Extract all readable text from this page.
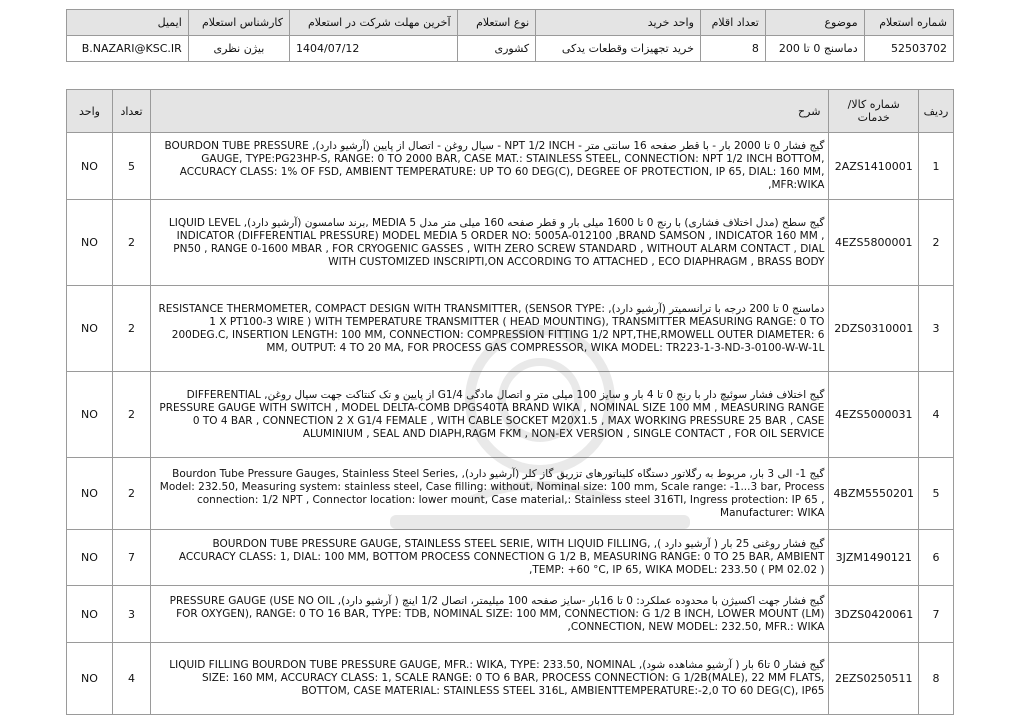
شماره استعلام	موضوع	تعداد اقلام	واحد خرید	نوع استعلام	آخرین مهلت شرکت در استعلام	کارشناس استعلام	ایمیل
52503702	دماسنج 0 تا 200	8	خرید تجهیزات وقطعات یدکی	کشوری	1404/07/12	بیژن نظری	B.NAZARI@KSC.IR
ردیف	شماره کالا/خدمات	شرح	تعداد	واحد
1	2AZS1410001	گیج فشار 0 تا 2000 بار - با قطر صفحه 16 سانتی متر - NPT 1/2 INCH - سیال روغن - اتصال از پایین (آرشیو دارد), BOURDON TUBE PRESSURE GAUGE, TYPE:PG23HP-S, RANGE: 0 TO 2000 BAR, CASE MAT.: STAINLESS STEEL, CONNECTION: NPT 1/2 INCH BOTTOM, ACCURACY CLASS: 1% OF FSD, AMBIENT TEMPERATURE: UP TO 60 DEG(C), DEGREE OF PROTECTION, IP 65, DIAL: 160 MM, MFR:WIKA,	5	NO
2	4EZS5800001	گیج سطح (مدل اختلاف فشاری) با رنج 0 تا 1600 میلی بار و قطر صفحه 160 میلی متر مدل MEDIA 5 ,برند سامسون (آرشیو دارد), LIQUID LEVEL INDICATOR (DIFFERENTIAL PRESSURE) MODEL MEDIA 5 ORDER NO: 5005A-012100 ,BRAND SAMSON , INDICATOR 160 MM , PN50 , RANGE 0-1600 MBAR , FOR CRYOGENIC GASSES , WITH ZERO SCREW STANDARD , WITHOUT ALARM CONTACT , DIAL WITH CUSTOMIZED INSCRIPTI,ON ACCORDING TO ATTACHED , ECO DIAPHRAGM , BRASS BODY	2	NO
3	2DZS0310001	دماسنج 0 تا 200 درجه با ترانسمیتر (آرشیو دارد), RESISTANCE THERMOMETER, COMPACT DESIGN WITH TRANSMITTER, (SENSOR TYPE: 1 X PT100-3 WIRE ) WITH TEMPERATURE TRANSMITTER ( HEAD MOUNTING), TRANSMITTER MEASURING RANGE: 0 TO 200DEG.C, INSERTION LENGTH: 100 MM, CONNECTION: COMPRESSION FITTING 1/2 NPT,THE,RMOWELL OUTER DIAMETER: 6 MM, OUTPUT: 4 TO 20 MA, FOR PROCESS GAS COMPRESSOR, WIKA MODEL: TR223-1-3-ND-3-0100-W-W-1L	2	NO
4	4EZS5000031	گیج اختلاف فشار سوئیچ دار با رنج 0 تا 4 بار و سایز 100 میلی متر و اتصال مادگی G1/4 از پایین و تک کنتاکت جهت سیال روغن, DIFFERENTIAL PRESSURE GAUGE WITH SWITCH , MODEL DELTA-COMB DPGS40TA BRAND WIKA , NOMINAL SIZE 100 MM , MEASURING RANGE 0 TO 4 BAR , CONNECTION 2 X G1/4 FEMALE , WITH CABLE SOCKET M20X1.5 , MAX WORKING PRESSURE 25 BAR , CASE ALUMINIUM , SEAL AND DIAPH,RAGM FKM , NON-EX VERSION , SINGLE CONTACT , FOR OIL SERVICE	2	NO
5	4BZM5550201	گیج 1- الی 3 بار, مربوط به رگلاتور دستگاه کلیناتورهای تزریق گاز کلر (آرشیو دارد), Bourdon Tube Pressure Gauges, Stainless Steel Series, Model: 232.50, Measuring system: stainless steel, Case filling: without, Nominal size: 100 mm, Scale range: -1...3 bar, Process connection: 1/2 NPT , Connector location: lower mount, Case material,: Stainless steel 316TI, Ingress protection: IP 65 , Manufacturer: WIKA	2	NO
6	3JZM1490121	گیج فشار روغنی 25 بار ( آرشیو دارد ), BOURDON TUBE PRESSURE GAUGE, STAINLESS STEEL SERIE, WITH LIQUID FILLING, ACCURACY CLASS: 1, DIAL: 100 MM, BOTTOM PROCESS CONNECTION G 1/2 B, MEASURING RANGE: 0 TO 25 BAR, AMBIENT TEMP: +60 °C, IP 65, WIKA MODEL: 233.50 ( PM 02.02 ),	7	NO
7	3DZS0420061	گیج فشار جهت اکسیژن با محدوده عملکرد: 0 تا 16بار -سایز صفحه 100 میلیمتر، اتصال 1/2 اینچ ( آرشیو دارد), PRESSURE GAUGE (USE NO OIL FOR OXYGEN), RANGE: 0 TO 16 BAR, TYPE: TDB, NOMINAL SIZE: 100 MM, CONNECTION: G 1/2 B INCH, LOWER MOUNT (LM) CONNECTION, NEW MODEL: 232.50, MFR.: WIKA,	3	NO
8	2EZS0250511	گیج فشار 0 تا6 بار ( آرشیو مشاهده شود), LIQUID FILLING BOURDON TUBE PRESSURE GAUGE, MFR.: WIKA, TYPE: 233.50, NOMINAL SIZE: 160 MM, ACCURACY CLASS: 1, SCALE RANGE: 0 TO 6 BAR, PROCESS CONNECTION: G 1/2B(MALE), 22 MM FLATS, BOTTOM, CASE MATERIAL: STAINLESS STEEL 316L, AMBIENTTEMPERATURE:-2,0 TO 60 DEG(C), IP65	4	NO
